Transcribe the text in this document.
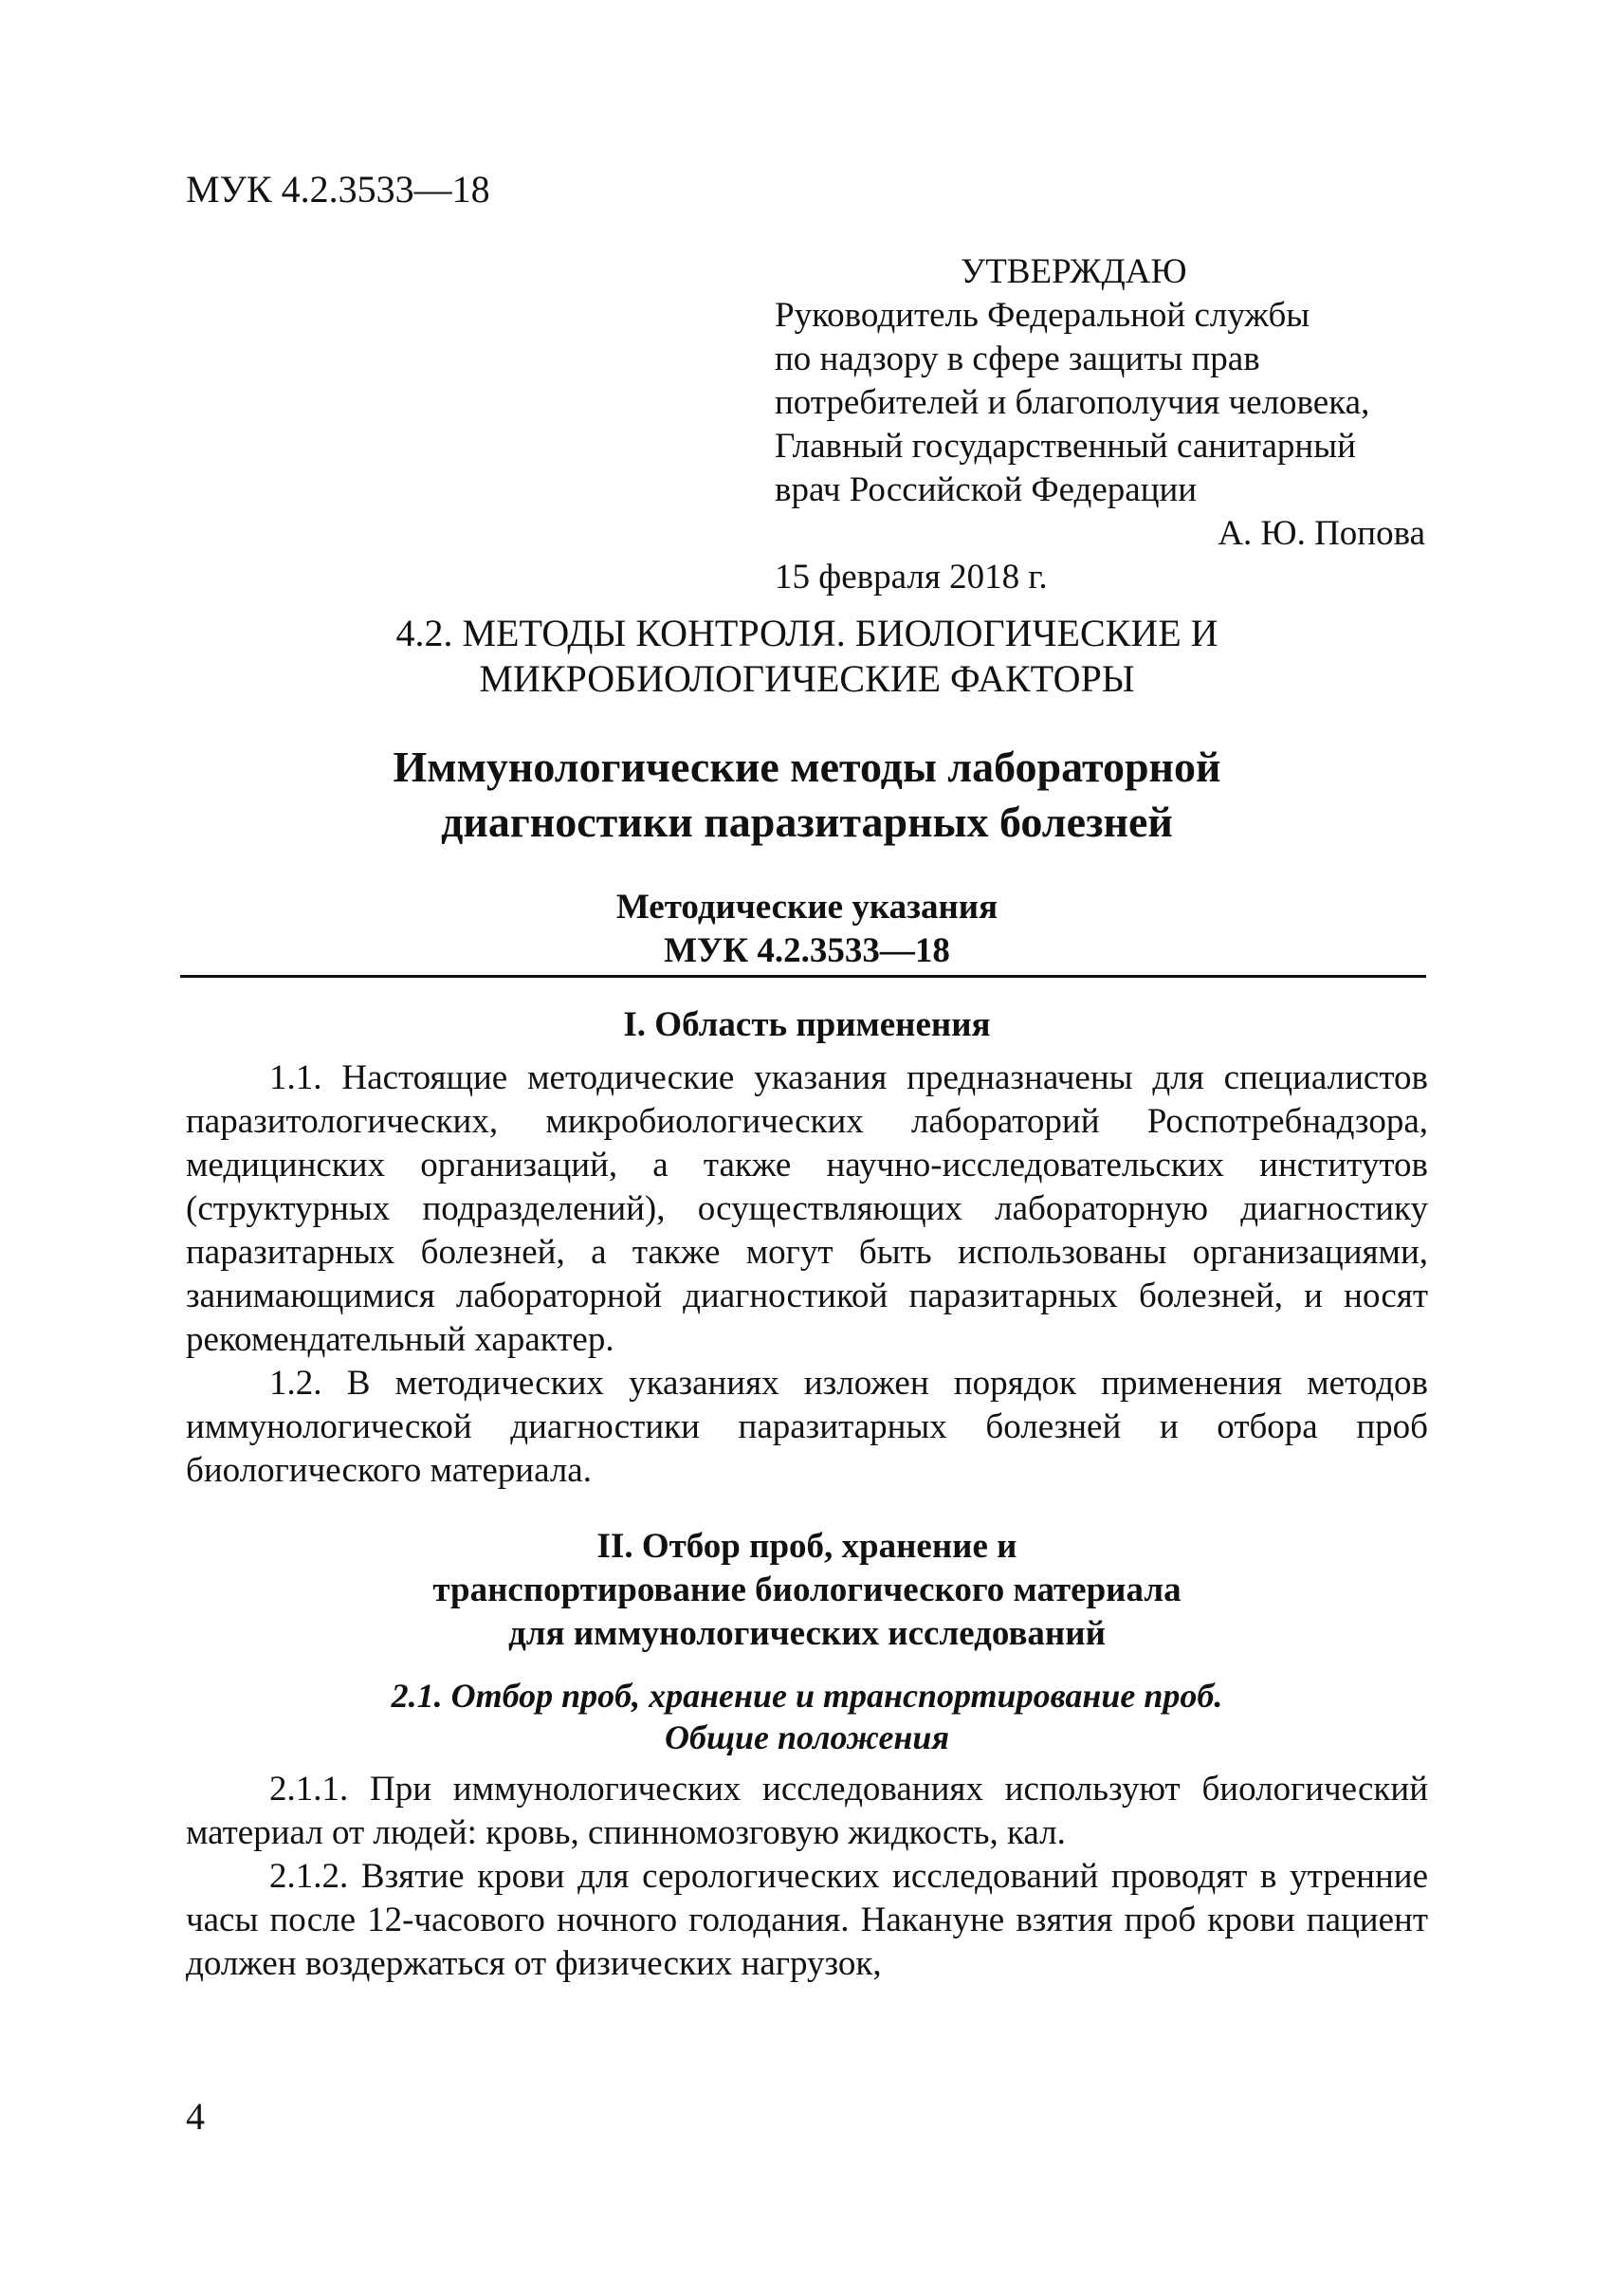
МУК 4.2.3533—18
УТВЕРЖДАЮ
Руководитель Федеральной службы
по надзору в сфере защиты прав
потребителей и благополучия человека,
Главный государственный санитарный
врач Российской Федерации
А. Ю. Попова
15 февраля 2018 г.
4.2. МЕТОДЫ КОНТРОЛЯ. БИОЛОГИЧЕСКИЕ И
МИКРОБИОЛОГИЧЕСКИЕ ФАКТОРЫ
Иммунологические методы лабораторной
диагностики паразитарных болезней
Методические указания
МУК 4.2.3533—18
I. Область применения

1.1. Настоящие методические указания предназначены для специалистов паразитологических, микробиологических лабораторий Роспотребнадзора, медицинских организаций, а также научно-исследовательских институтов (структурных подразделений), осуществляющих лабораторную диагностику паразитарных болезней, а также могут быть использованы организациями, занимающимися лабораторной диагностикой паразитарных болезней, и носят рекомендательный характер.

1.2. В методических указаниях изложен порядок применения методов иммунологической диагностики паразитарных болезней и отбора проб биологического материала.

II. Отбор проб, хранение и
транспортирование биологического материала
для иммунологических исследований
2.1. Отбор проб, хранение и транспортирование проб.
Общие положения

2.1.1. При иммунологических исследованиях используют биологический материал от людей: кровь, спинномозговую жидкость, кал.

2.1.2. Взятие крови для серологических исследований проводят в утренние часы после 12-часового ночного голодания. Накануне взятия проб крови пациент должен воздержаться от физических нагрузок,

4
